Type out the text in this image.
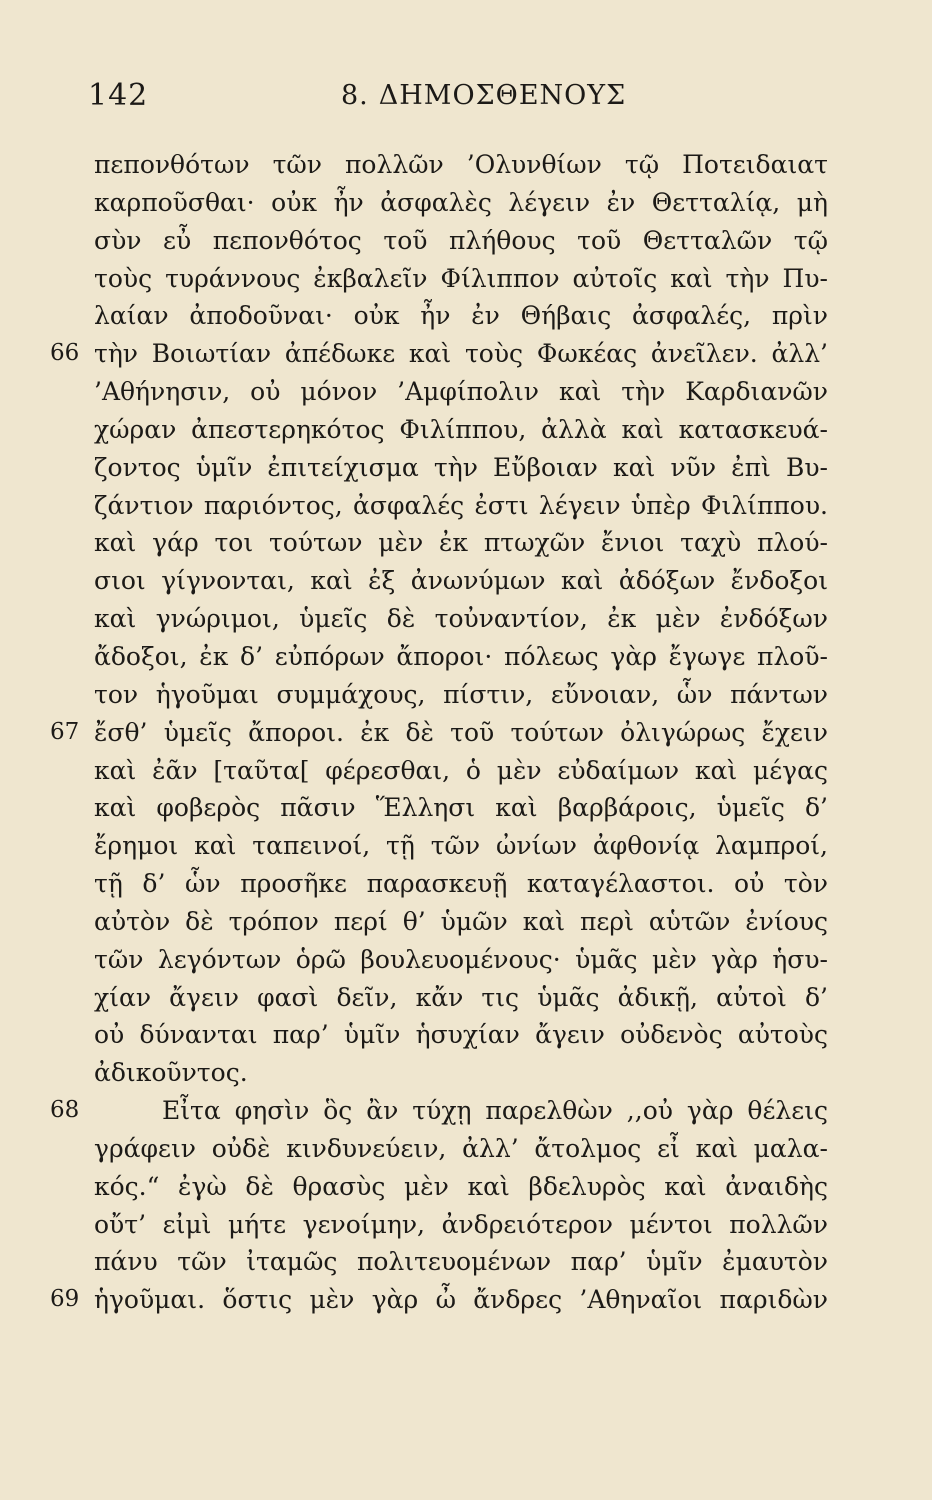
142	8. ΔΗΜΟΣΘΕΝΟΥΣ
πεπονθότων τῶν πολλῶν ’Ολυνθίων τῷ Ποτειδαιατ
καρποῦσθαι· οὐκ ἦν ἀσφαλὲς λέγειν ἐν Θετταλίᾳ, μὴ
σὺν εὖ πεπονθότος τοῦ πλήθους τοῦ Θετταλῶν τῷ
τοὺς τυράννους ἐκβαλεῖν Φίλιππον αὐτοῖς καὶ τὴν Πυ-
λαίαν ἀποδοῦναι· οὐκ ἦν ἐν Θήβαις ἀσφαλές, πρὶν
66 τὴν Βοιωτίαν ἀπέδωκε καὶ τοὺς Φωκέας ἀνεῖλεν. ἀλλ’
’Αθήνησιν, οὐ μόνον ’Αμφίπολιν καὶ τὴν Καρδιανῶν
χώραν ἀπεστερηκότος Φιλίππου, ἀλλὰ καὶ κατασκευά-
ζοντος ὑμῖν ἐπιτείχισμα τὴν Εὔβοιαν καὶ νῦν ἐπὶ Βυ-
ζάντιον παριόντος, ἀσφαλές ἐστι λέγειν ὑπὲρ Φιλίππου.
καὶ γάρ τοι τούτων μὲν ἐκ πτωχῶν ἔνιοι ταχὺ πλού-
σιοι γίγνονται, καὶ ἐξ ἀνωνύμων καὶ ἀδόξων ἔνδοξοι
καὶ γνώριμοι, ὑμεῖς δὲ τοὐναντίον, ἐκ μὲν ἐνδόξων
ἄδοξοι, ἐκ δ’ εὐπόρων ἄποροι· πόλεως γὰρ ἔγωγε πλοῦ-
τον ἡγοῦμαι συμμάχους, πίστιν, εὔνοιαν, ὧν πάντων
67 ἔσθ’ ὑμεῖς ἄποροι. ἐκ δὲ τοῦ τούτων ὀλιγώρως ἔχειν
καὶ ἐᾶν [ταῦτα[ φέρεσθαι, ὁ μὲν εὐδαίμων καὶ μέγας
καὶ φοβερὸς πᾶσιν Ἕλλησι καὶ βαρβάροις, ὑμεῖς δ’
ἔρημοι καὶ ταπεινοί, τῇ τῶν ὠνίων ἀφθονίᾳ λαμπροί,
τῇ δ’ ὧν προσῆκε παρασκευῇ καταγέλαστοι. οὐ τὸν
αὐτὸν δὲ τρόπον περί θ’ ὑμῶν καὶ περὶ αὑτῶν ἐνίους
τῶν λεγόντων ὁρῶ βουλευομένους· ὑμᾶς μὲν γὰρ ἡσυ-
χίαν ἄγειν φασὶ δεῖν, κἄν τις ὑμᾶς ἀδικῇ, αὐτοὶ δ’
οὐ δύνανται παρ’ ὑμῖν ἡσυχίαν ἄγειν οὐδενὸς αὐτοὺς
ἀδικοῦντος.
68	Εἶτα φησὶν ὃς ἂν τύχῃ παρελθὼν ,,οὐ γὰρ θέλεις
γράφειν οὐδὲ κινδυνεύειν, ἀλλ’ ἄτολμος εἶ καὶ μαλα-
κός.“ ἐγὼ δὲ θρασὺς μὲν καὶ βδελυρὸς καὶ ἀναιδὴς
οὔτ’ εἰμὶ μήτε γενοίμην, ἀνδρειότερον μέντοι πολλῶν
πάνυ τῶν ἰταμῶς πολιτευομένων παρ’ ὑμῖν ἐμαυτὸν
69 ἡγοῦμαι. ὅστις μὲν γὰρ ὦ ἄνδρες ’Αθηναῖοι παριδὼν
